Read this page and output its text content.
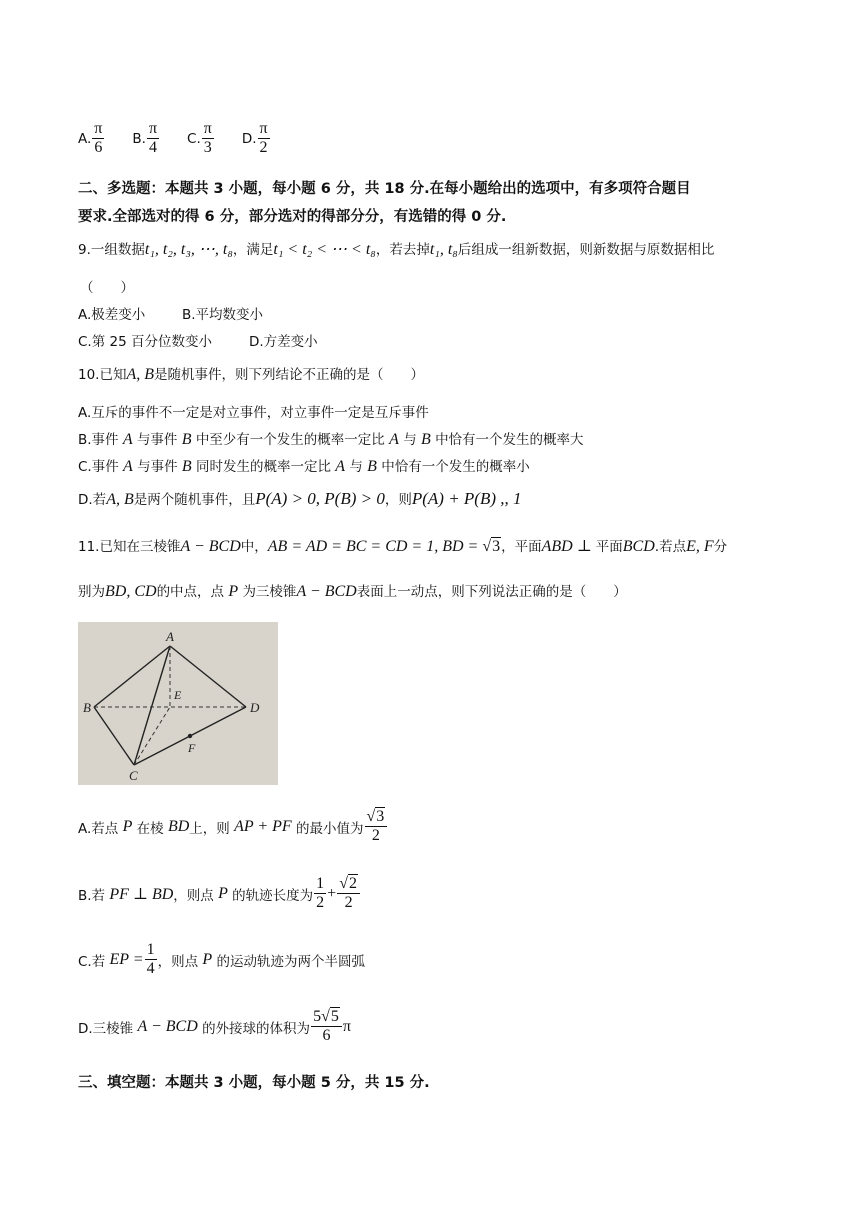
A. $\frac{\pi}{6} B$. $\frac{\pi}{4} C$. $\frac{\pi}{3} D$. $\frac{\pi}{2}$
二、多选题：本题共 3 小题，每小题 6 分，共 18 分.在每小题给出的选项中，有多项符合题目
要求.全部选对的得 6 分，部分选对的得部分分，有选错的得 0 分.
9.一组数据t₁, t₂, t₃, ⋯, t₈，满足t₁ < t₂ < ⋯ < t₈，若去掉t₁, t₈后组成一组新数据，则新数据与原数据相比
（　　）
A.极差变小	B.平均数变小
C.第 25 百分位数变小	D.方差变小
10.已知A, B是随机事件，则下列结论不正确的是（　　）
A.互斥的事件不一定是对立事件，对立事件一定是互斥事件
B.事件 A 与事件 B 中至少有一个发生的概率一定比 A 与 B 中恰有一个发生的概率大
C.事件 A 与事件 B 同时发生的概率一定比 A 与 B 中恰有一个发生的概率小
D.若A, B是两个随机事件，且P(A) > 0, P(B) > 0，则P(A) + P(B) ,, 1
11.已知在三棱锥A − BCD中，AB = AD = BC = CD = 1, BD = √3，平面ABD ⊥ 平面BCD.若点E, F分
别为BD, CD的中点，点 P 为三棱锥A − BCD表面上一动点，则下列说法正确的是（　　）
A
B
C
D
E
F
A.若点
P
在棱
BD 上，则
AP + PF
的最小值为 $\frac{√3}{2}$
B.若
PF ⊥ BD ，则点
P
的轨迹长度为 $\frac{1}{2} + \frac{√2}{2}$
C.若
EP = $\frac{1}{4}$ ，则点
P
的运动轨迹为两个半圆弧
D.三棱锥
A − BCD
的外接球的体积为 $\frac{5√5}{6}$ π
三、填空题：本题共 3 小题，每小题 5 分，共 15 分.
